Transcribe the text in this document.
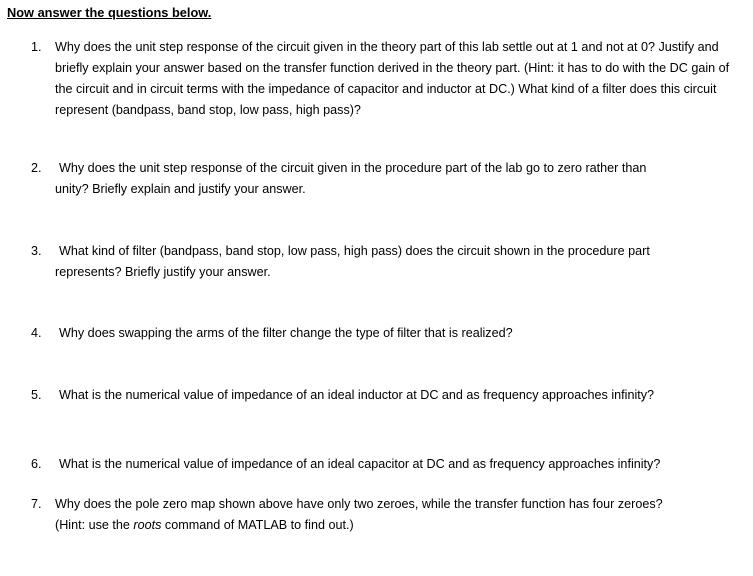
Now answer the questions below.

1. Why does the unit step response of the circuit given in the theory part of this lab settle out at 1 and not at 0? Justify and briefly explain your answer based on the transfer function derived in the theory part. (Hint: it has to do with the DC gain of the circuit and in circuit terms with the impedance of capacitor and inductor at DC.) What kind of a filter does this circuit represent (bandpass, band stop, low pass, high pass)?
2. Why does the unit step response of the circuit given in the procedure part of the lab go to zero rather than
unity? Briefly explain and justify your answer.
3. What kind of filter (bandpass, band stop, low pass, high pass) does the circuit shown in the procedure part
represents? Briefly justify your answer.
4. Why does swapping the arms of the filter change the type of filter that is realized?
5. What is the numerical value of impedance of an ideal inductor at DC and as frequency approaches infinity?
6. What is the numerical value of impedance of an ideal capacitor at DC and as frequency approaches infinity?
7. Why does the pole zero map shown above have only two zeroes, while the transfer function has four zeroes?
(Hint: use the roots command of MATLAB to find out.)
